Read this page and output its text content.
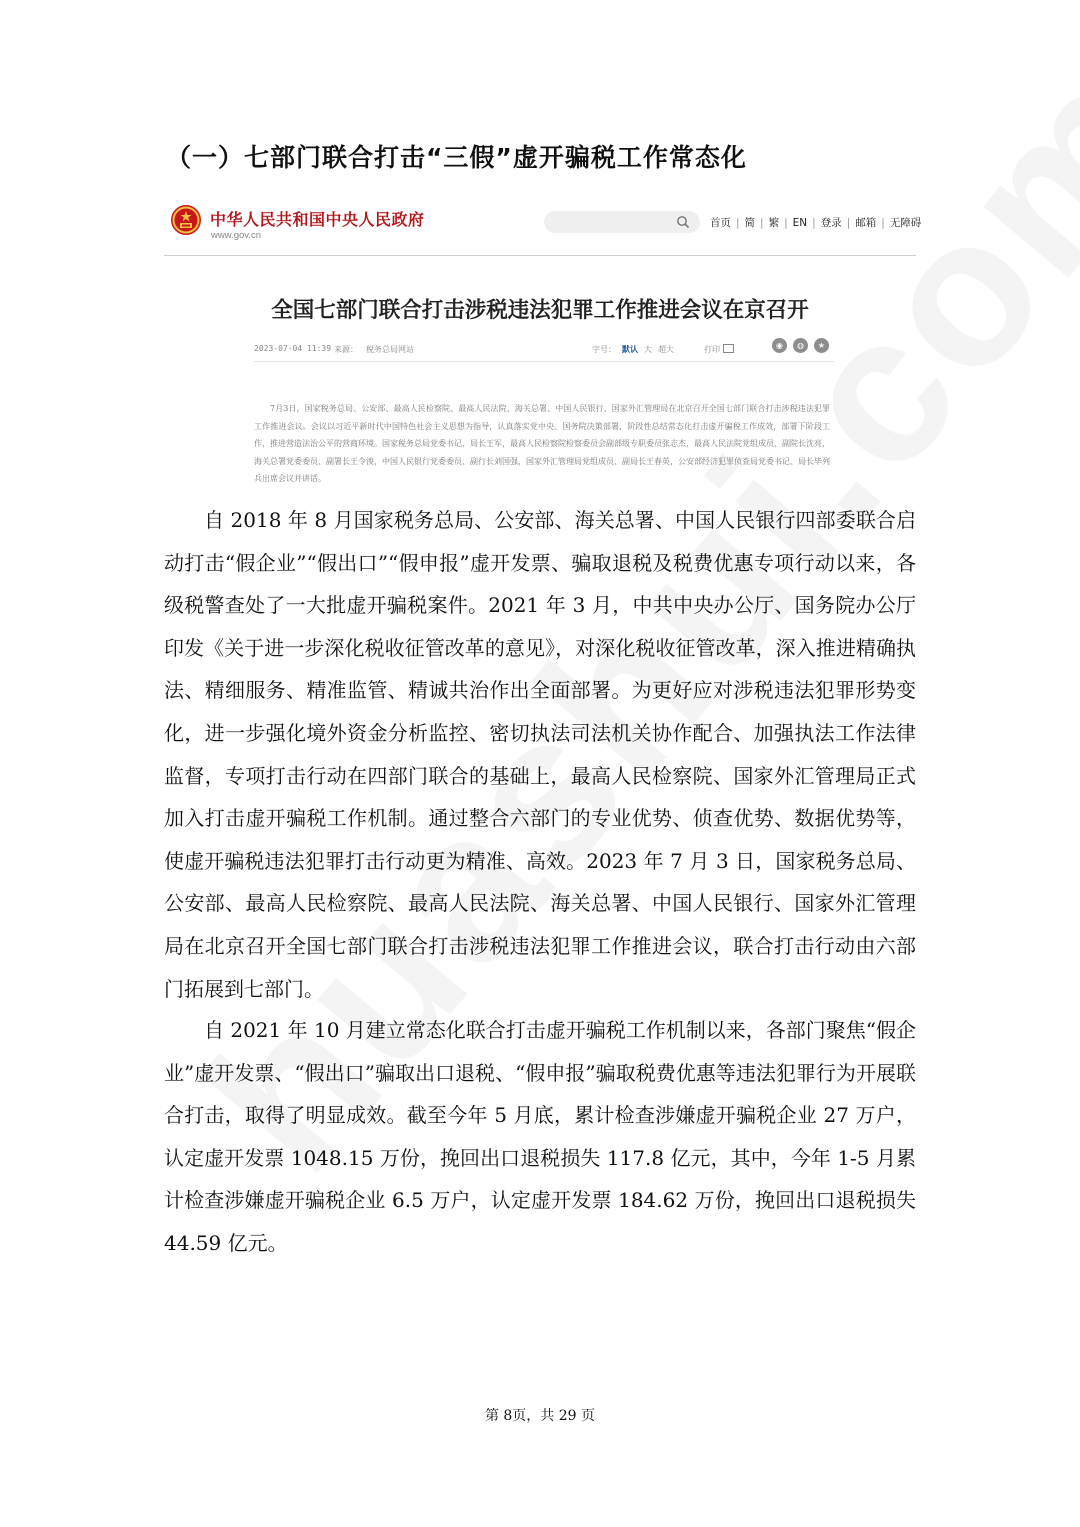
（一）七部门联合打击“三假”虚开骗税工作常态化
中华人民共和国中央人民政府
www.gov.cn
首页 | 简 | 繁 | EN | 登录 | 邮箱 | 无障碍
全国七部门联合打击涉税违法犯罪工作推进会议在京召开
2023-07-04 11:39 来源： 税务总局网站	字号： 默认 大 超大	打印	◉	◍	★

7月3日，国家税务总局、公安部、最高人民检察院、最高人民法院、海关总署、中国人民银行、国家外汇管理局在北京召开全国七部门联合打击涉税违法犯罪工作推进会议。会议以习近平新时代中国特色社会主义思想为指导，认真落实党中央、国务院决策部署，阶段性总结常态化打击虚开骗税工作成效，部署下阶段工作，推进营造法治公平的营商环境。国家税务总局党委书记、局长王军，最高人民检察院检察委员会副部级专职委员张志杰，最高人民法院党组成员、副院长沈亮，海关总署党委委员、副署长王令浚，中国人民银行党委委员、副行长刘国强，国家外汇管理局党组成员、副局长王春英，公安部经济犯罪侦查局党委书记、局长毕列兵出席会议并讲话。

自 2018 年 8 月国家税务总局、公安部、海关总署、中国人民银行四部委联合启动打击“假企业”“假出口”“假申报”虚开发票、骗取退税及税费优惠专项行动以来，各级税警查处了一大批虚开骗税案件。2021 年 3 月，中共中央办公厅、国务院办公厅印发《关于进一步深化税收征管改革的意见》，对深化税收征管改革，深入推进精确执法、精细服务、精准监管、精诚共治作出全面部署。为更好应对涉税违法犯罪形势变化，进一步强化境外资金分析监控、密切执法司法机关协作配合、加强执法工作法律监督，专项打击行动在四部门联合的基础上，最高人民检察院、国家外汇管理局正式加入打击虚开骗税工作机制。通过整合六部门的专业优势、侦查优势、数据优势等，使虚开骗税违法犯罪打击行动更为精准、高效。2023 年 7 月 3 日，国家税务总局、公安部、最高人民检察院、最高人民法院、海关总署、中国人民银行、国家外汇管理局在北京召开全国七部门联合打击涉税违法犯罪工作推进会议，联合打击行动由六部门拓展到七部门。

自 2021 年 10 月建立常态化联合打击虚开骗税工作机制以来，各部门聚焦“假企业”虚开发票、“假出口”骗取出口退税、“假申报”骗取税费优惠等违法犯罪行为开展联合打击，取得了明显成效。截至今年 5 月底，累计检查涉嫌虚开骗税企业 27 万户，认定虚开发票 1048.15 万份，挽回出口退税损失 117.8 亿元，其中，今年 1-5 月累计检查涉嫌虚开骗税企业 6.5 万户，认定虚开发票 184.62 万份，挽回出口退税损失 44.59 亿元。

第 8页，共 29 页
